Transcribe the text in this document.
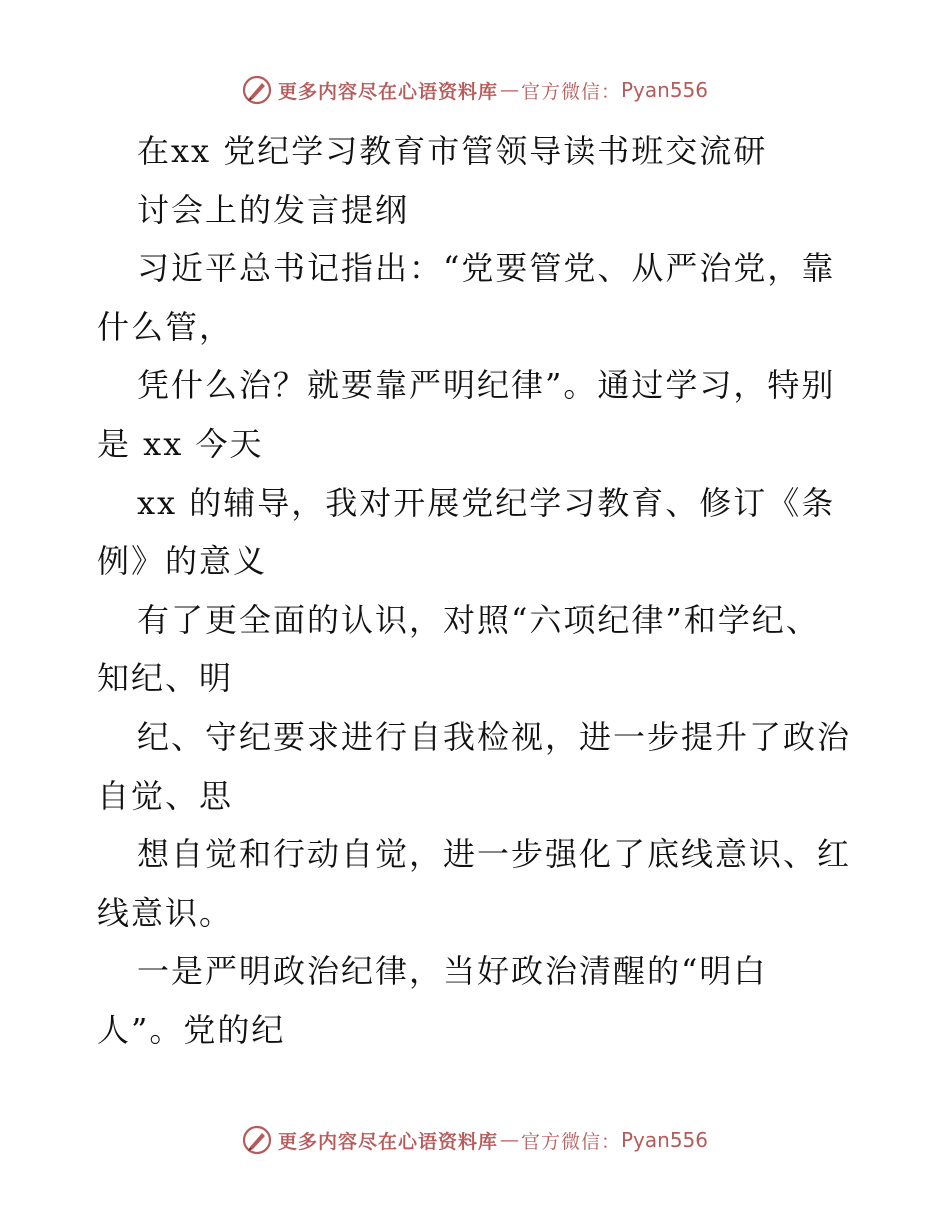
更多内容尽在心语资料库 — 官方微信： Pyan556
在xx 党纪学习教育市管领导读书班交流研
讨会上的发言提纲
习近平总书记指出：“党要管党、从严治党，靠
什么管，
凭什么治？就要靠严明纪律”。通过学习，特别
是 xx 今天
xx 的辅导，我对开展党纪学习教育、修订《条
例》的意义
有了更全面的认识，对照“六项纪律”和学纪、
知纪、明
纪、守纪要求进行自我检视，进一步提升了政治
自觉、思
想自觉和行动自觉，进一步强化了底线意识、红
线意识。
一是严明政治纪律，当好政治清醒的“明白
人”。党的纪
更多内容尽在心语资料库 — 官方微信： Pyan556
